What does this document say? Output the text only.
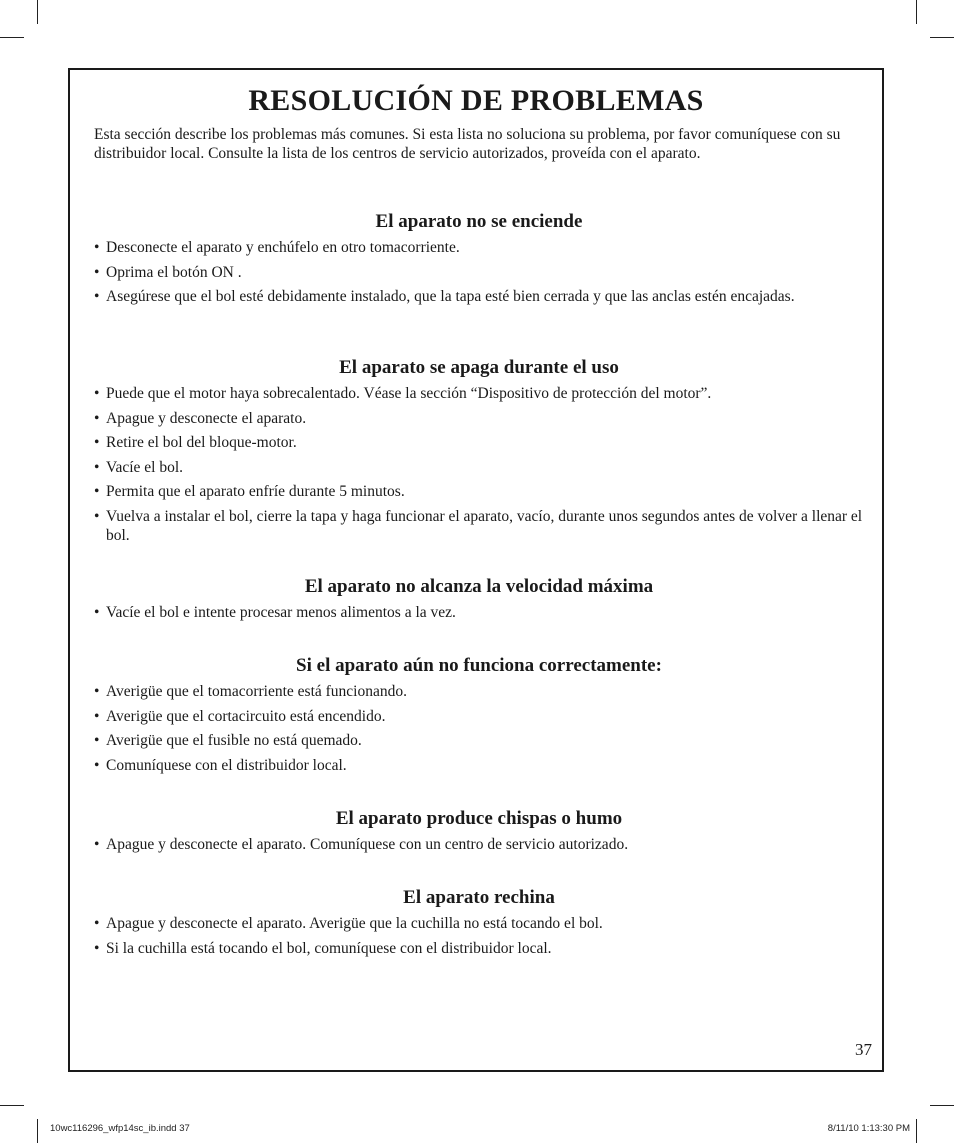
RESOLUCIÓN DE PROBLEMAS

Esta sección describe los problemas más comunes. Si esta lista no soluciona su problema, por favor comuníquese con su distribuidor local. Consulte la lista de los centros de servicio autorizados, proveída con el aparato.

El aparato no se enciende
• Desconecte el aparato y enchúfelo en otro tomacorriente.
• Oprima el botón ON .
• Asegúrese que el bol esté debidamente instalado, que la tapa esté bien cerrada y que las anclas estén encajadas.
El aparato se apaga durante el uso
• Puede que el motor haya sobrecalentado. Véase la sección “Dispositivo de protección del motor”.
• Apague y desconecte el aparato.
• Retire el bol del bloque-motor.
• Vacíe el bol.
• Permita que el aparato enfríe durante 5 minutos.
• Vuelva a instalar el bol, cierre la tapa y haga funcionar el aparato, vacío, durante unos segundos antes de volver a llenar el bol.
El aparato no alcanza la velocidad máxima
• Vacíe el bol e intente procesar menos alimentos a la vez.
Si el aparato aún no funciona correctamente:
• Averigüe que el tomacorriente está funcionando.
• Averigüe que el cortacircuito está encendido.
• Averigüe que el fusible no está quemado.
• Comuníquese con el distribuidor local.
El aparato produce chispas o humo
• Apague y desconecte el aparato. Comuníquese con un centro de servicio autorizado.
El aparato rechina
• Apague y desconecte el aparato. Averigüe que la cuchilla no está tocando el bol.
• Si la cuchilla está tocando el bol, comuníquese con el distribuidor local.
37
10wc116296_wfp14sc_ib.indd 37	8/11/10 1:13:30 PM
